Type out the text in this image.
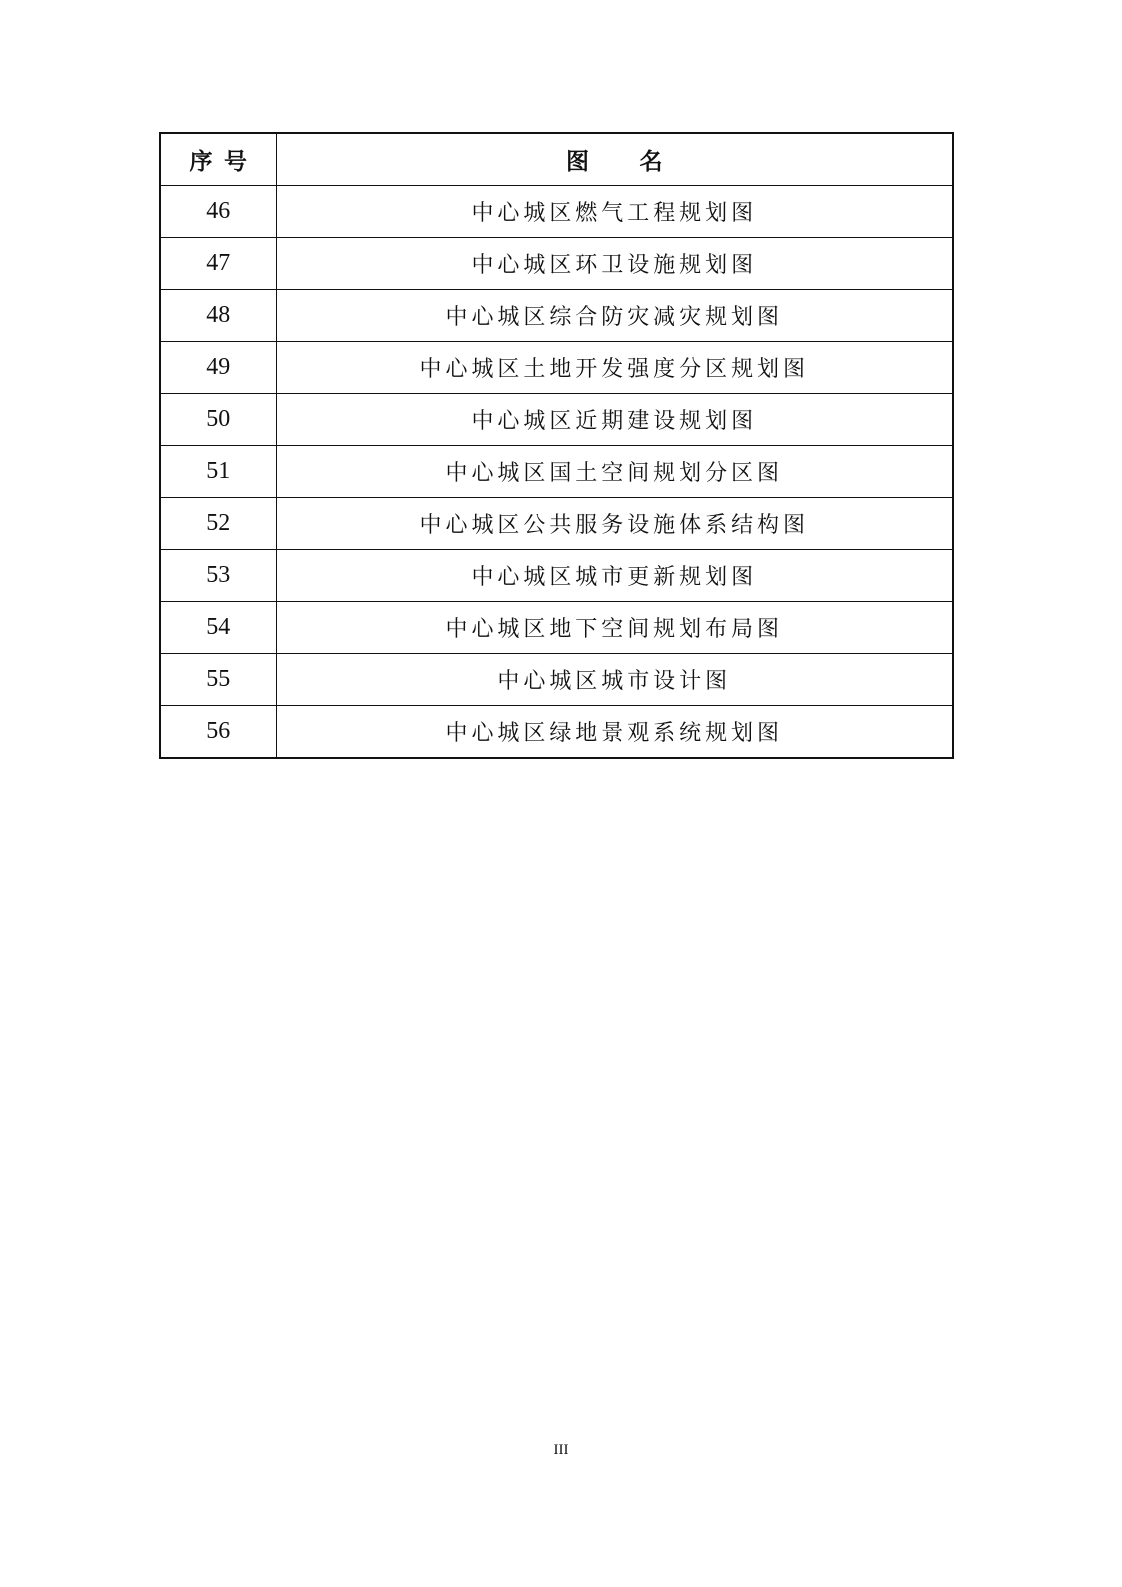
序号	图名
46	中心城区燃气工程规划图
47	中心城区环卫设施规划图
48	中心城区综合防灾减灾规划图
49	中心城区土地开发强度分区规划图
50	中心城区近期建设规划图
51	中心城区国土空间规划分区图
52	中心城区公共服务设施体系结构图
53	中心城区城市更新规划图
54	中心城区地下空间规划布局图
55	中心城区城市设计图
56	中心城区绿地景观系统规划图
III
